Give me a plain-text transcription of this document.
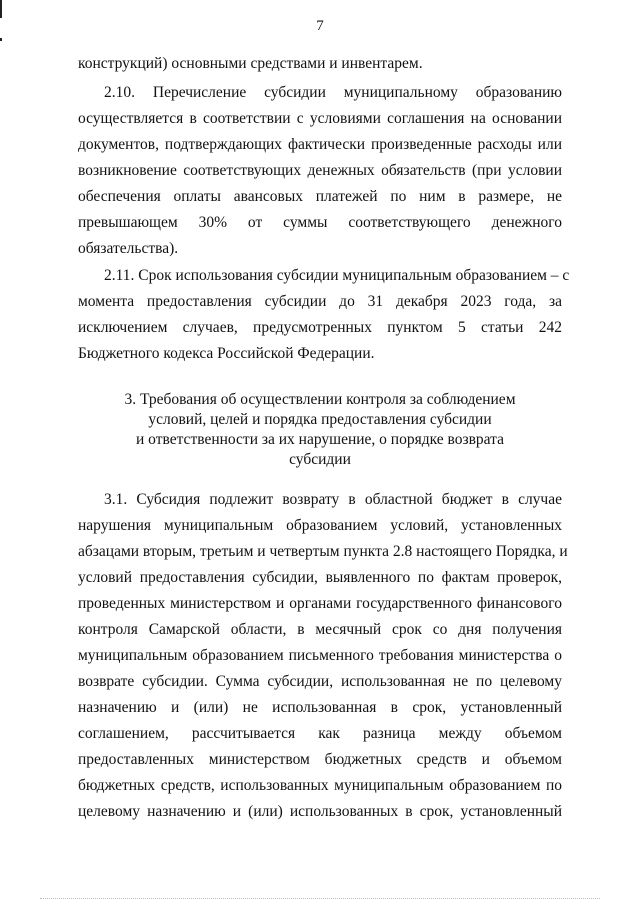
7
конструкций) основными средствами и инвентарем.
2.10. Перечисление субсидии муниципальному образованию
осуществляется в соответствии с условиями соглашения на основании
документов, подтверждающих фактически произведенные расходы или
возникновение соответствующих денежных обязательств (при условии
обеспечения оплаты авансовых платежей по ним в размере, не
превышающем 30% от суммы соответствующего денежного
обязательства).
2.11. Срок использования субсидии муниципальным образованием – с
момента предоставления субсидии до 31 декабря 2023 года, за
исключением случаев, предусмотренных пунктом 5 статьи 242
Бюджетного кодекса Российской Федерации.
3. Требования об осуществлении контроля за соблюдением
условий, целей и порядка предоставления субсидии
и ответственности за их нарушение, о порядке возврата
субсидии
3.1. Субсидия подлежит возврату в областной бюджет в случае
нарушения муниципальным образованием условий, установленных
абзацами вторым, третьим и четвертым пункта 2.8 настоящего Порядка, и
условий предоставления субсидии, выявленного по фактам проверок,
проведенных министерством и органами государственного финансового
контроля Самарской области, в месячный срок со дня получения
муниципальным образованием письменного требования министерства о
возврате субсидии. Сумма субсидии, использованная не по целевому
назначению и (или) не использованная в срок, установленный
соглашением, рассчитывается как разница между объемом
предоставленных министерством бюджетных средств и объемом
бюджетных средств, использованных муниципальным образованием по
целевому назначению и (или) использованных в срок, установленный
